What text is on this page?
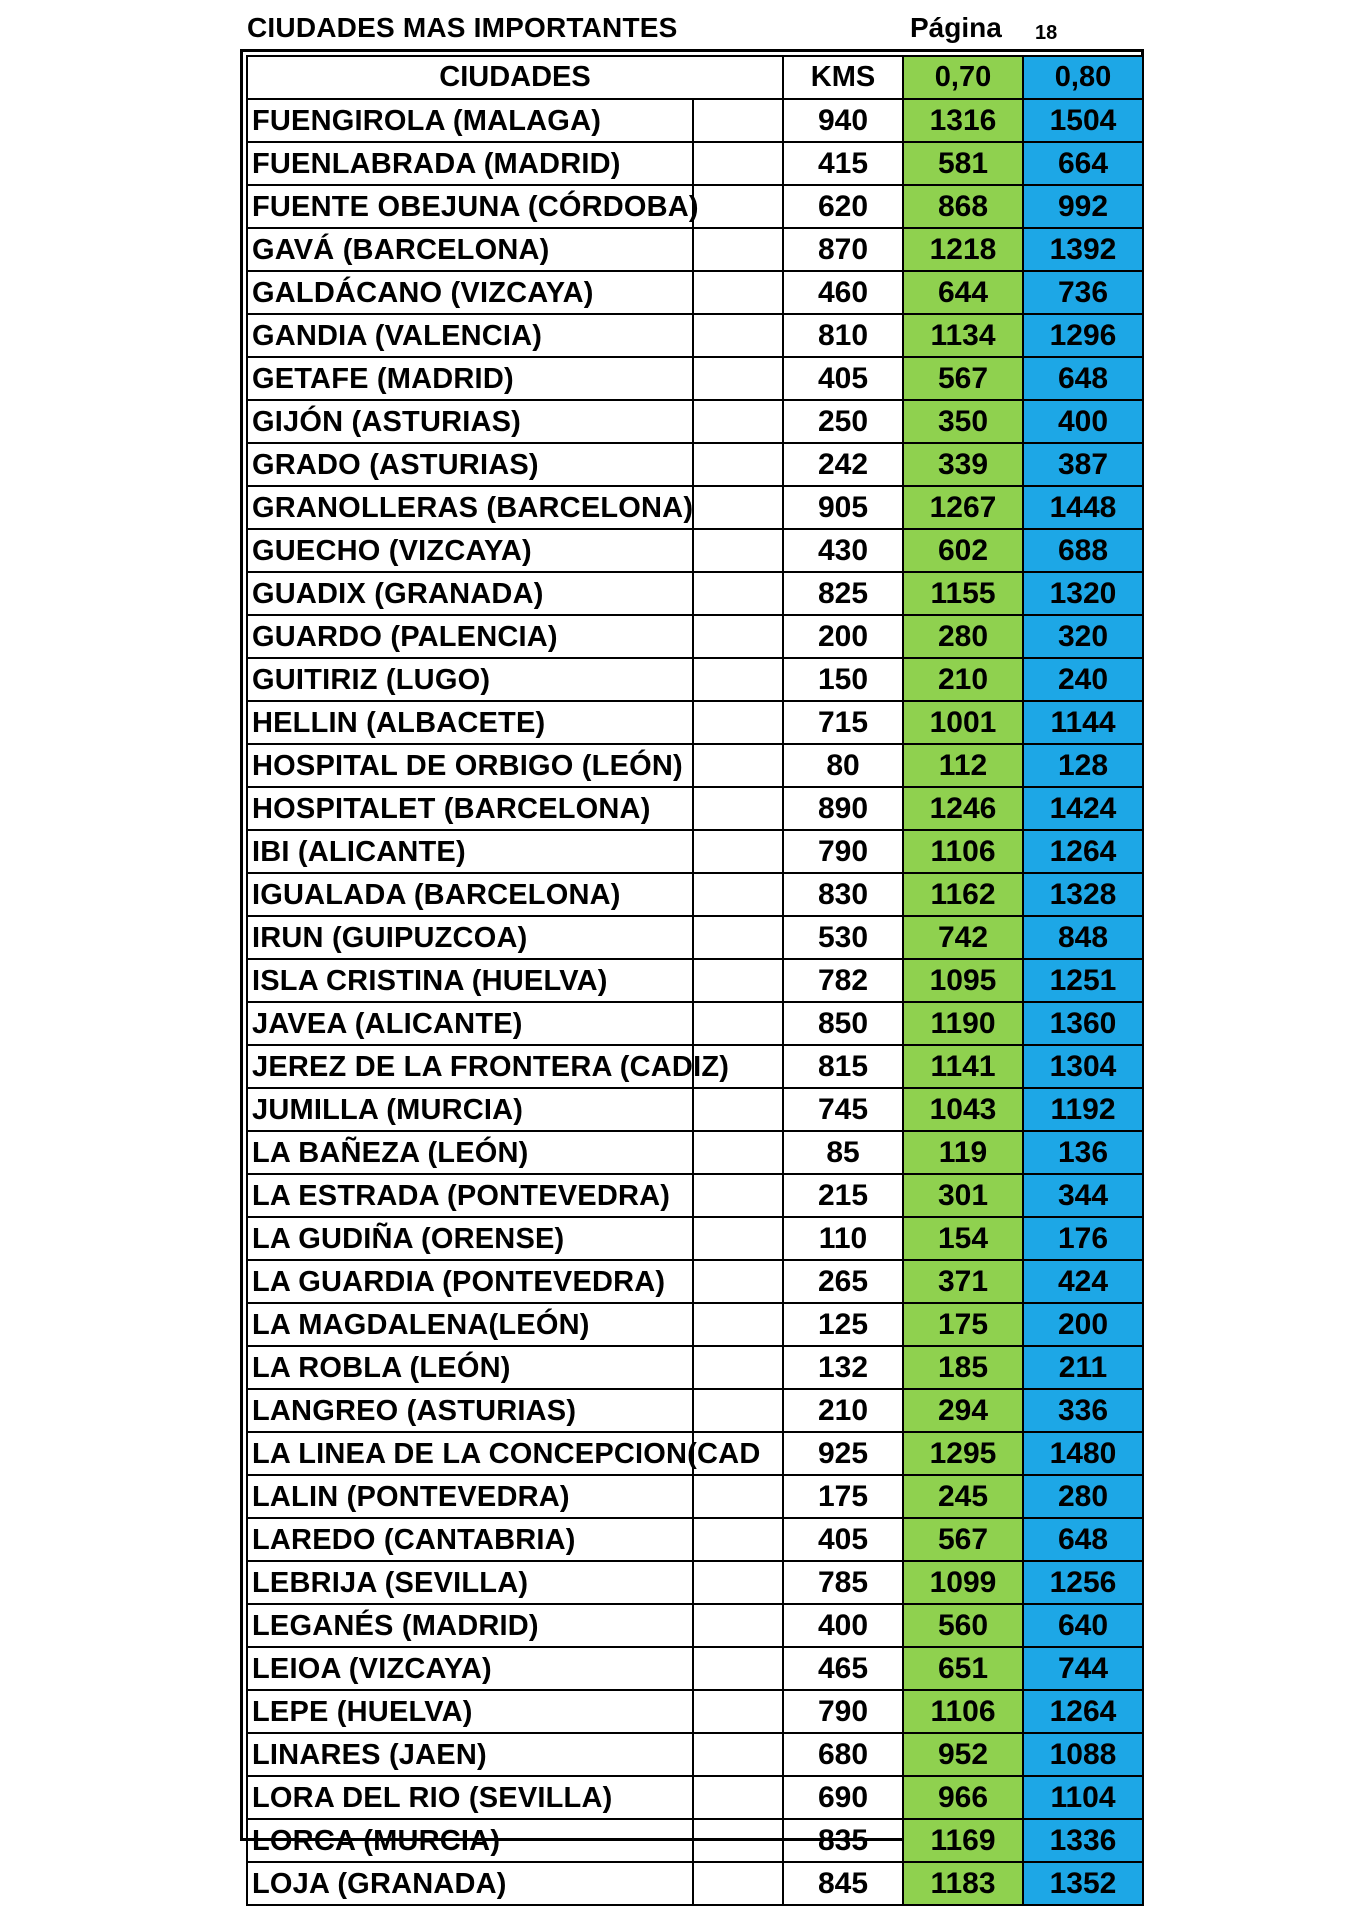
CIUDADES MAS IMPORTANTES	Página 18
CIUDADES		KMS	0,70	0,80
FUENGIROLA (MALAGA)		940	1316	1504
FUENLABRADA (MADRID)		415	581	664
FUENTE OBEJUNA (CÓRDOBA)		620	868	992
GAVÁ (BARCELONA)		870	1218	1392
GALDÁCANO (VIZCAYA)		460	644	736
GANDIA (VALENCIA)		810	1134	1296
GETAFE (MADRID)		405	567	648
GIJÓN (ASTURIAS)		250	350	400
GRADO (ASTURIAS)		242	339	387
GRANOLLERAS (BARCELONA)		905	1267	1448
GUECHO (VIZCAYA)		430	602	688
GUADIX (GRANADA)		825	1155	1320
GUARDO (PALENCIA)		200	280	320
GUITIRIZ (LUGO)		150	210	240
HELLIN (ALBACETE)		715	1001	1144
HOSPITAL DE ORBIGO (LEÓN)		80	112	128
HOSPITALET (BARCELONA)		890	1246	1424
IBI (ALICANTE)		790	1106	1264
IGUALADA (BARCELONA)		830	1162	1328
IRUN (GUIPUZCOA)		530	742	848
ISLA CRISTINA (HUELVA)		782	1095	1251
JAVEA (ALICANTE)		850	1190	1360
JEREZ DE LA FRONTERA (CADIZ)		815	1141	1304
JUMILLA (MURCIA)		745	1043	1192
LA BAÑEZA (LEÓN)		85	119	136
LA ESTRADA (PONTEVEDRA)		215	301	344
LA GUDIÑA (ORENSE)		110	154	176
LA GUARDIA (PONTEVEDRA)		265	371	424
LA MAGDALENA(LEÓN)		125	175	200
LA ROBLA (LEÓN)		132	185	211
LANGREO (ASTURIAS)		210	294	336
LA LINEA DE LA CONCEPCION(CAD		925	1295	1480
LALIN (PONTEVEDRA)		175	245	280
LAREDO (CANTABRIA)		405	567	648
LEBRIJA (SEVILLA)		785	1099	1256
LEGANÉS (MADRID)		400	560	640
LEIOA (VIZCAYA)		465	651	744
LEPE (HUELVA)		790	1106	1264
LINARES (JAEN)		680	952	1088
LORA DEL RIO (SEVILLA)		690	966	1104
LORCA (MURCIA)		835	1169	1336
LOJA (GRANADA)		845	1183	1352
